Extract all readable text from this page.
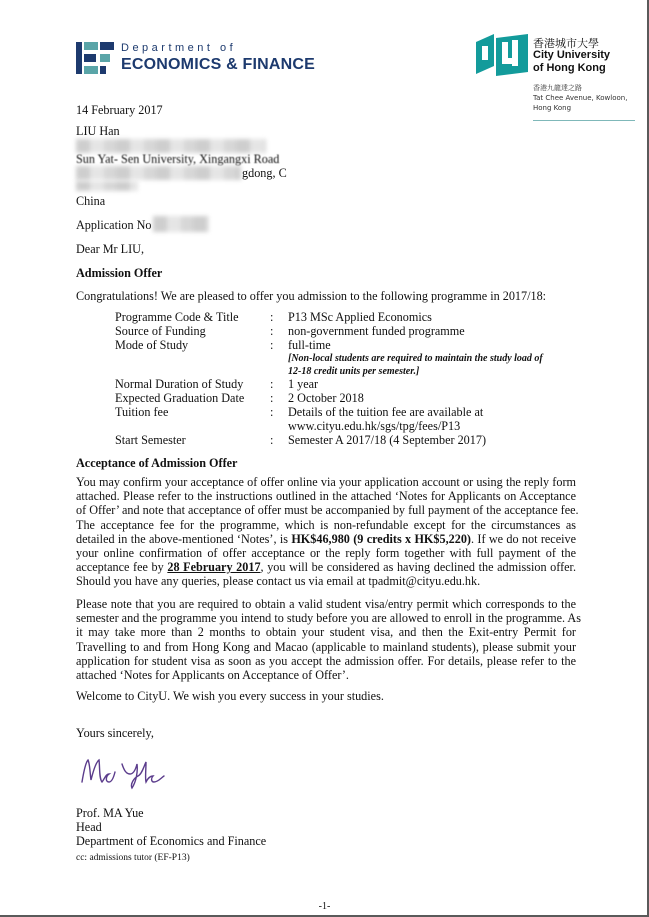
Department of
ECONOMICS & FINANCE
香港城市大學
City University
of Hong Kong
香港九龍達之路
Tat Chee Avenue, Kowloon,
Hong Kong
14 February 2017
LIU Han
Sun Yat- Sen University, Xingangxi Road
gdong, C
China
Application No
Dear Mr LIU,
Admission Offer
Congratulations! We are pleased to offer you admission to the following programme in 2017/18:
Programme Code & Title	: P13 MSc Applied Economics
Source of Funding	: non-government funded programme
Mode of Study	: full-time
[Non-local students are required to maintain the study load of
12-18 credit units per semester.]
Normal Duration of Study : 1 year
Expected Graduation Date : 2 October 2018
Tuition fee	: Details of the tuition fee are available at
www.cityu.edu.hk/sgs/tpg/fees/P13
Start Semester	: Semester A 2017/18 (4 September 2017)
Acceptance of Admission Offer
You may confirm your acceptance of offer online via your application account or using the reply form
attached. Please refer to the instructions outlined in the attached ‘Notes for Applicants on Acceptance
of Offer’ and note that acceptance of offer must be accompanied by full payment of the acceptance fee.
The acceptance fee for the programme, which is non-refundable except for the circumstances as
detailed in the above-mentioned ‘Notes’, is HK$46,980 (9 credits x HK$5,220). If we do not receive
your online confirmation of offer acceptance or the reply form together with full payment of the
acceptance fee by 28 February 2017, you will be considered as having declined the admission offer.
Should you have any queries, please contact us via email at tpadmit@cityu.edu.hk.
Please note that you are required to obtain a valid student visa/entry permit which corresponds to the
semester and the programme you intend to study before you are allowed to enroll in the programme. As
it may take more than 2 months to obtain your student visa, and then the Exit-entry Permit for
Travelling to and from Hong Kong and Macao (applicable to mainland students), please submit your
application for student visa as soon as you accept the admission offer. For details, please refer to the
attached ‘Notes for Applicants on Acceptance of Offer’.
Welcome to CityU. We wish you every success in your studies.
Yours sincerely,
Prof. MA Yue
Head
Department of Economics and Finance
cc: admissions tutor (EF-P13)
-1-
